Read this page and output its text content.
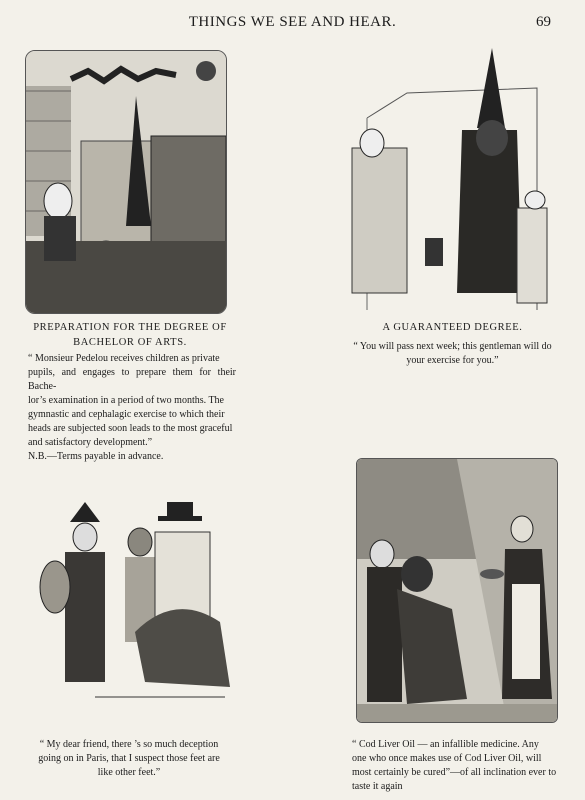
THINGS WE SEE AND HEAR.	69

PREPARATION FOR THE DEGREE OF
BACHELOR OF ARTS.

“ Monsieur Pedelou receives children as private
pupils, and engages to prepare them for their Bache-
lor’s examination in a period of two months. The
gymnastic and cephalagic exercise to which their
heads are subjected soon leads to the most graceful
and satisfactory development.”
N.B.—Terms payable in advance.

A GUARANTEED DEGREE.

“ You will pass next week; this gentleman will do
your exercise for you.”

“ My dear friend, there ’s so much deception
going on in Paris, that I suspect those feet are
like other feet.”

“ Cod Liver Oil — an infallible medicine. Any
one who once makes use of Cod Liver Oil, will
most certainly be cured”—of all inclination ever to
taste it again
